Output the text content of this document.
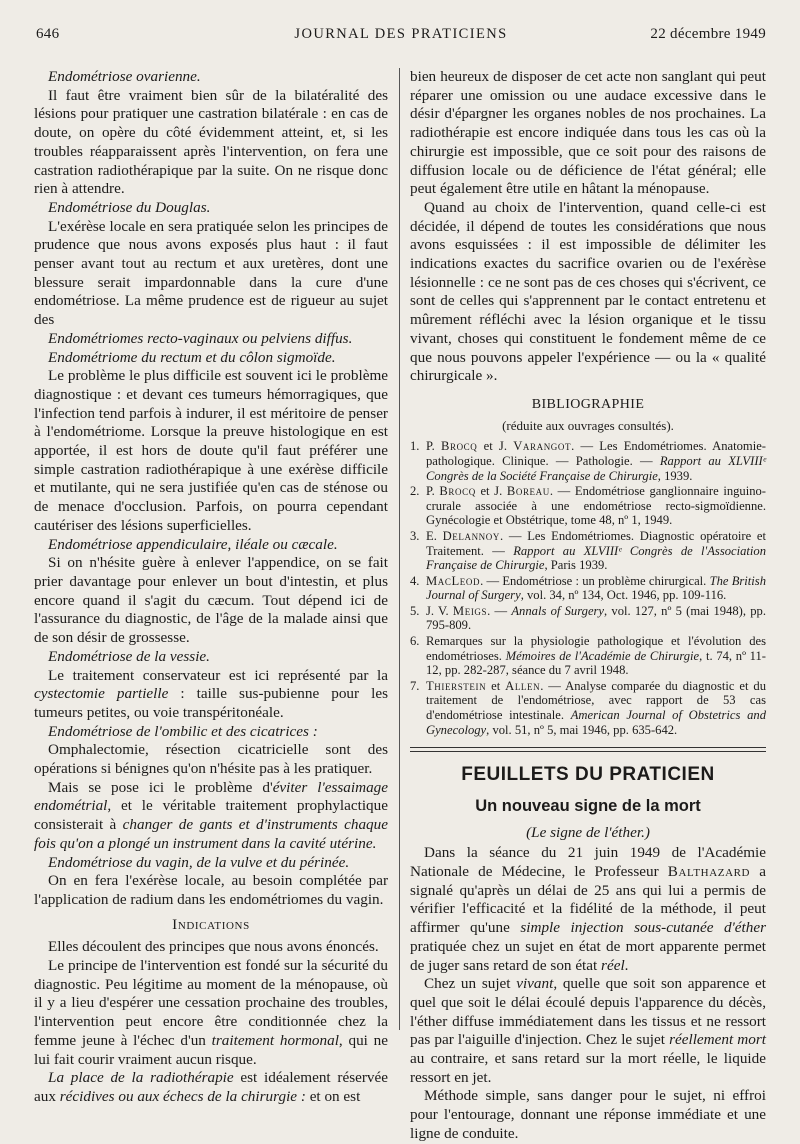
646	JOURNAL DES PRATICIENS	22 décembre 1949

Endométriose ovarienne.

Il faut être vraiment bien sûr de la bilatéralité des lésions pour pratiquer une castration bilatérale : en cas de doute, on opère du côté évidemment atteint, et, si les troubles réapparaissent après l'intervention, on fera une castration radiothérapique par la suite. On ne risque donc rien à attendre.

Endométriose du Douglas.

L'exérèse locale en sera pratiquée selon les principes de prudence que nous avons exposés plus haut : il faut penser avant tout au rectum et aux uretères, dont une blessure serait impardonnable dans la cure d'une endométriose. La même prudence est de rigueur au sujet des

Endométriomes recto-vaginaux ou pelviens diffus.

Endométriome du rectum et du côlon sigmoïde.

Le problème le plus difficile est souvent ici le problème diagnostique : et devant ces tumeurs hémorragiques, que l'infection tend parfois à indurer, il est méritoire de penser à l'endométriome. Lorsque la preuve histologique en est apportée, il est hors de doute qu'il faut préférer une simple castration radiothérapique à une exérèse difficile et mutilante, qui ne sera justifiée qu'en cas de sténose ou de menace d'occlusion. Parfois, on pourra cependant cautériser des lésions superficielles.

Endométriose appendiculaire, iléale ou cæcale.

Si on n'hésite guère à enlever l'appendice, on se fait prier davantage pour enlever un bout d'intestin, et plus encore quand il s'agit du cæcum. Tout dépend ici de l'assurance du diagnostic, de l'âge de la malade ainsi que de son désir de grossesse.

Endométriose de la vessie.

Le traitement conservateur est ici représenté par la cystectomie partielle : taille sus-pubienne pour les tumeurs petites, ou voie transpéritonéale.

Endométriose de l'ombilic et des cicatrices :

Omphalectomie, résection cicatricielle sont des opérations si bénignes qu'on n'hésite pas à les pratiquer.

Mais se pose ici le problème d'éviter l'essaimage endométrial, et le véritable traitement prophylactique consisterait à changer de gants et d'instruments chaque fois qu'on a plongé un instrument dans la cavité utérine.

Endométriose du vagin, de la vulve et du périnée.

On en fera l'exérèse locale, au besoin complétée par l'application de radium dans les endométriomes du vagin.

Indications

Elles découlent des principes que nous avons énoncés.

Le principe de l'intervention est fondé sur la sécurité du diagnostic. Peu légitime au moment de la ménopause, où il y a lieu d'espérer une cessation prochaine des troubles, l'intervention peut encore être conditionnée chez la femme jeune à l'échec d'un traitement hormonal, qui ne lui fait courir vraiment aucun risque.

La place de la radiothérapie est idéalement réservée aux récidives ou aux échecs de la chirurgie : et on est

bien heureux de disposer de cet acte non sanglant qui peut réparer une omission ou une audace excessive dans le désir d'épargner les organes nobles de nos prochaines. La radiothérapie est encore indiquée dans tous les cas où la chirurgie est impossible, que ce soit pour des raisons de diffusion locale ou de déficience de l'état général; elle peut également être utile en hâtant la ménopause.

Quand au choix de l'intervention, quand celle-ci est décidée, il dépend de toutes les considérations que nous avons esquissées : il est impossible de délimiter les indications exactes du sacrifice ovarien ou de l'exérèse lésionnelle : ce ne sont pas de ces choses qui s'écrivent, ce sont de celles qui s'apprennent par le contact entretenu et mûrement réfléchi avec la lésion organique et le tissu vivant, choses qui constituent le fondement même de ce que nous pouvons appeler l'expérience — ou la « qualité chirurgicale ».

BIBLIOGRAPHIE
(réduite aux ouvrages consultés).
1. P. Brocq et J. Varangot. — Les Endométriomes. Anatomie-pathologique. Clinique. — Pathologie. — Rapport au XLVIIIᵉ Congrès de la Société Française de Chirurgie, 1939.
2. P. Brocq et J. Boreau. — Endométriose ganglionnaire inguino-crurale associée à une endométriose recto-sigmoïdienne. Gynécologie et Obstétrique, tome 48, nº 1, 1949.
3. E. Delannoy. — Les Endométriomes. Diagnostic opératoire et Traitement. — Rapport au XLVIIIᵉ Congrès de l'Association Française de Chirurgie, Paris 1939.
4. MacLeod. — Endométriose : un problème chirurgical. The British Journal of Surgery, vol. 34, nº 134, Oct. 1946, pp. 109-116.
5. J. V. Meigs. — Annals of Surgery, vol. 127, nº 5 (mai 1948), pp. 795-809.
6. Remarques sur la physiologie pathologique et l'évolution des endométrioses. Mémoires de l'Académie de Chirurgie, t. 74, nº 11-12, pp. 282-287, séance du 7 avril 1948.
7. Thierstein et Allen. — Analyse comparée du diagnostic et du traitement de l'endométriose, avec rapport de 53 cas d'endométriose intestinale. American Journal of Obstetrics and Gynecology, vol. 51, nº 5, mai 1946, pp. 635-642.
FEUILLETS DU PRATICIEN
Un nouveau signe de la mort

(Le signe de l'éther.)

Dans la séance du 21 juin 1949 de l'Académie Nationale de Médecine, le Professeur Balthazard a signalé qu'après un délai de 25 ans qui lui a permis de vérifier l'efficacité et la fidélité de la méthode, il peut affirmer qu'une simple injection sous-cutanée d'éther pratiquée chez un sujet en état de mort apparente permet de juger sans retard de son état réel.

Chez un sujet vivant, quelle que soit son apparence et quel que soit le délai écoulé depuis l'apparence du décès, l'éther diffuse immédiatement dans les tissus et ne ressort pas par l'aiguille d'injection. Chez le sujet réellement mort au contraire, et sans retard sur la mort réelle, le liquide ressort en jet.

Méthode simple, sans danger pour le sujet, ni effroi pour l'entourage, donnant une réponse immédiate et une ligne de conduite.
